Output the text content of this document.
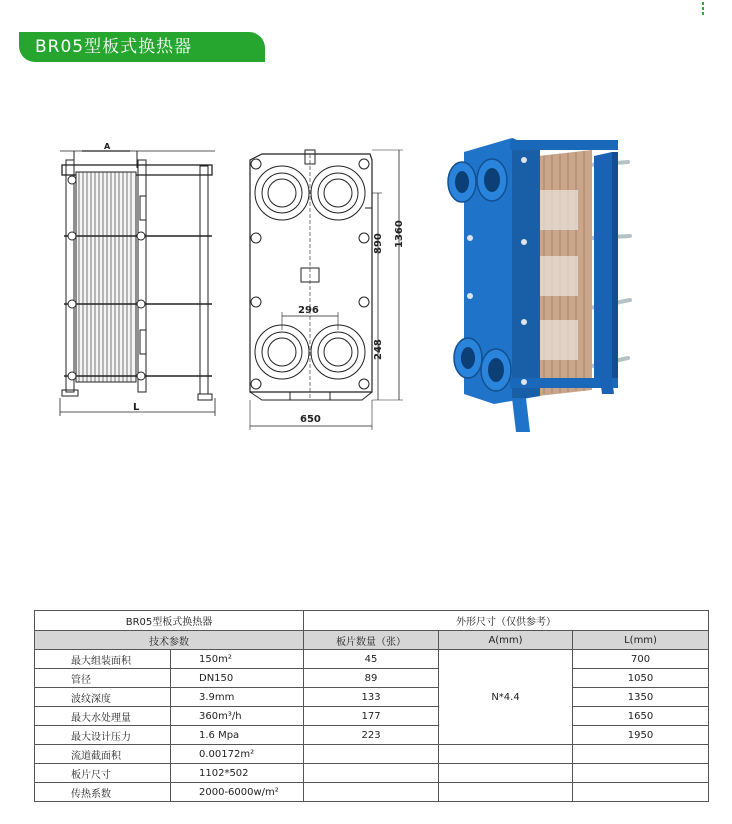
BR05型板式换热器
A
L
296
650
890 1360
248
BR05型板式换热器		外形尺寸（仅供参考）		
技术参数		板片数量（张）	A(mm)	L(mm)
最大组装面积	150m²	45	N*4.4	700
管径	DN150	89		1050
波纹深度	3.9mm	133		1350
最大水处理量	360m³/h	177		1650
最大设计压力	1.6 Mpa	223		1950
流道截面积	0.00172m²			
板片尺寸	1102*502			
传热系数	2000-6000w/m²			
